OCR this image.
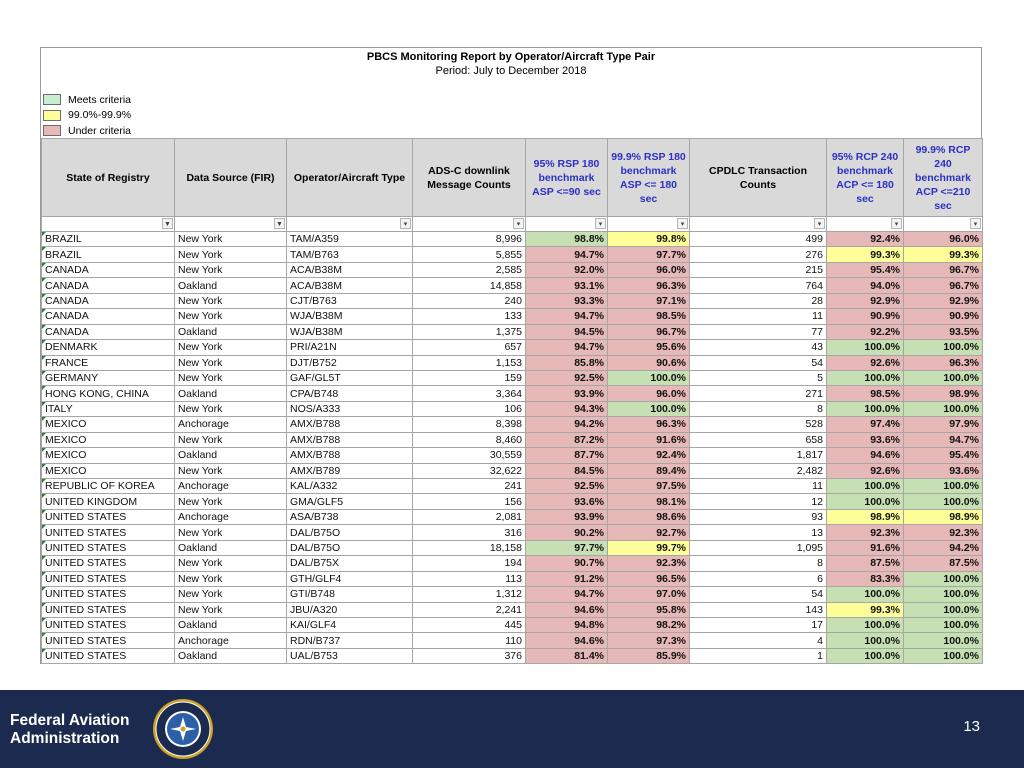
PBCS Monitoring Report by Operator/Aircraft Type Pair
Period: July to December 2018
Meets criteria
99.0%-99.9%
Under criteria
State of Registry	Data Source (FIR)	Operator/Aircraft Type	ADS-C downlink Message Counts	95% RSP 180 benchmark ASP <=90 sec	99.9% RSP 180 benchmark ASP <= 180 sec	CPDLC Transaction Counts	95% RCP 240 benchmark ACP <= 180 sec	99.9% RCP 240 benchmark ACP <=210 sec

▼	▼	▾	▾	▾	▾	▾	▾	▾

BRAZIL	New York	TAM/A359	8,996	98.8%	99.8%	499	92.4%	96.0%
BRAZIL	New York	TAM/B763	5,855	94.7%	97.7%	276	99.3%	99.3%
CANADA	New York	ACA/B38M	2,585	92.0%	96.0%	215	95.4%	96.7%
CANADA	Oakland	ACA/B38M	14,858	93.1%	96.3%	764	94.0%	96.7%
CANADA	New York	CJT/B763	240	93.3%	97.1%	28	92.9%	92.9%
CANADA	New York	WJA/B38M	133	94.7%	98.5%	11	90.9%	90.9%
CANADA	Oakland	WJA/B38M	1,375	94.5%	96.7%	77	92.2%	93.5%
DENMARK	New York	PRI/A21N	657	94.7%	95.6%	43	100.0%	100.0%
FRANCE	New York	DJT/B752	1,153	85.8%	90.6%	54	92.6%	96.3%
GERMANY	New York	GAF/GL5T	159	92.5%	100.0%	5	100.0%	100.0%
HONG KONG, CHINA	Oakland	CPA/B748	3,364	93.9%	96.0%	271	98.5%	98.9%
ITALY	New York	NOS/A333	106	94.3%	100.0%	8	100.0%	100.0%
MEXICO	Anchorage	AMX/B788	8,398	94.2%	96.3%	528	97.4%	97.9%
MEXICO	New York	AMX/B788	8,460	87.2%	91.6%	658	93.6%	94.7%
MEXICO	Oakland	AMX/B788	30,559	87.7%	92.4%	1,817	94.6%	95.4%
MEXICO	New York	AMX/B789	32,622	84.5%	89.4%	2,482	92.6%	93.6%
REPUBLIC OF KOREA	Anchorage	KAL/A332	241	92.5%	97.5%	11	100.0%	100.0%
UNITED KINGDOM	New York	GMA/GLF5	156	93.6%	98.1%	12	100.0%	100.0%
UNITED STATES	Anchorage	ASA/B738	2,081	93.9%	98.6%	93	98.9%	98.9%
UNITED STATES	New York	DAL/B75O	316	90.2%	92.7%	13	92.3%	92.3%
UNITED STATES	Oakland	DAL/B75O	18,158	97.7%	99.7%	1,095	91.6%	94.2%
UNITED STATES	New York	DAL/B75X	194	90.7%	92.3%	8	87.5%	87.5%
UNITED STATES	New York	GTH/GLF4	113	91.2%	96.5%	6	83.3%	100.0%
UNITED STATES	New York	GTI/B748	1,312	94.7%	97.0%	54	100.0%	100.0%
UNITED STATES	New York	JBU/A320	2,241	94.6%	95.8%	143	99.3%	100.0%
UNITED STATES	Oakland	KAI/GLF4	445	94.8%	98.2%	17	100.0%	100.0%
UNITED STATES	Anchorage	RDN/B737	110	94.6%	97.3%	4	100.0%	100.0%
UNITED STATES	Oakland	UAL/B753	376	81.4%	85.9%	1	100.0%	100.0%
Federal Aviation
Administration
13
